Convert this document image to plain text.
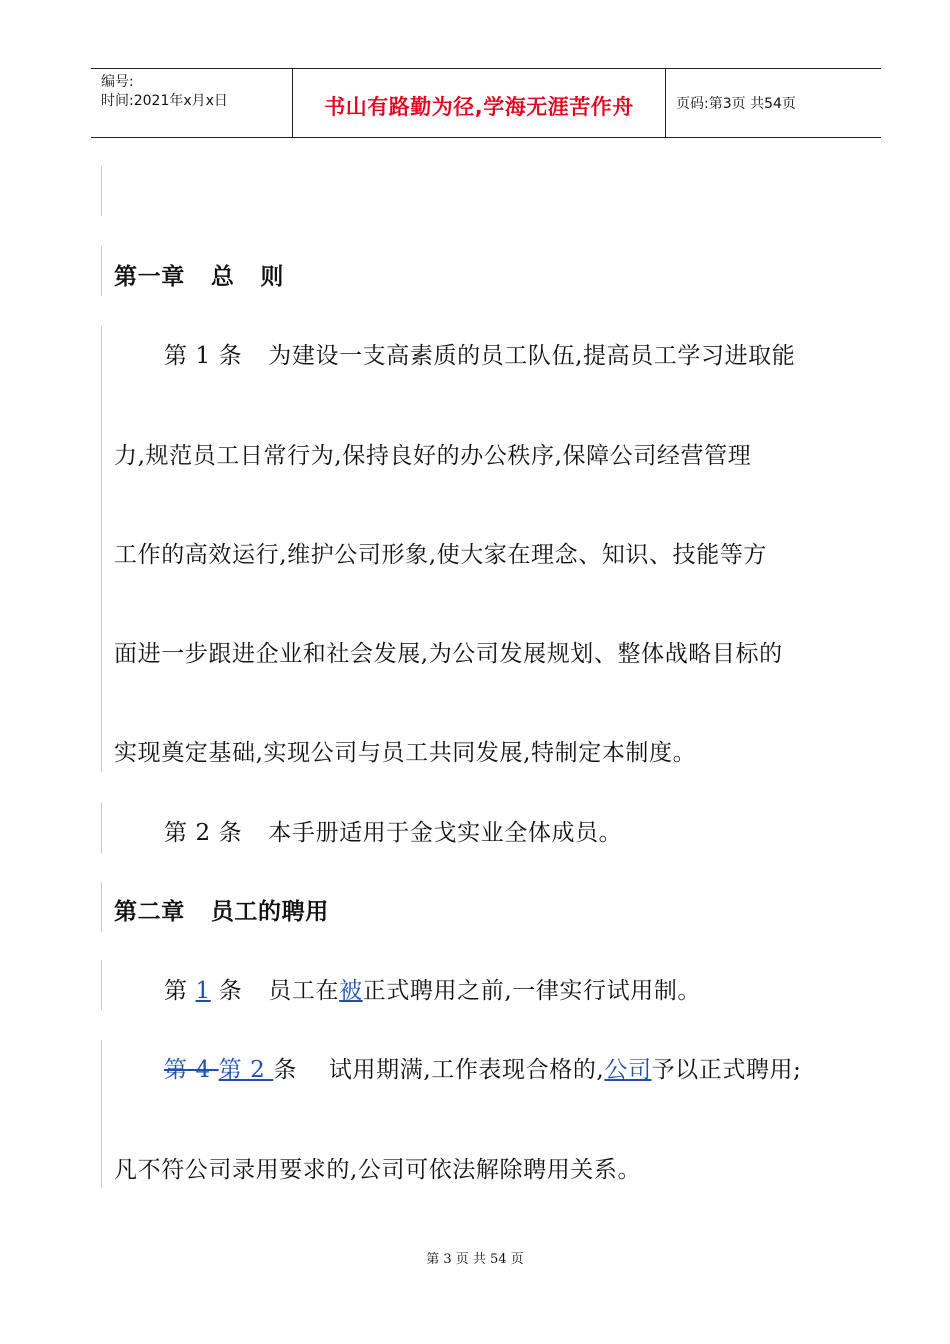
编号:
时间:2021年x月x日	书山有路勤为径,学海无涯苦作舟	页码:第3页 共54页
第一章 总 则
第 1 条 为建设一支高素质的员工队伍,提高员工学习进取能
力,规范员工日常行为,保持良好的办公秩序,保障公司经营管理
工作的高效运行,维护公司形象,使大家在理念、知识、技能等方
面进一步跟进企业和社会发展,为公司发展规划、整体战略目标的
实现奠定基础,实现公司与员工共同发展,特制定本制度。
第 2 条 本手册适用于金戈实业全体成员。
第二章 员工的聘用
第 1 条 员工在被正式聘用之前,一律实行试用制。
第 4 第 2 条 试用期满,工作表现合格的,公司予以正式聘用;
凡不符公司录用要求的,公司可依法解除聘用关系。
第 3 页 共 54 页
